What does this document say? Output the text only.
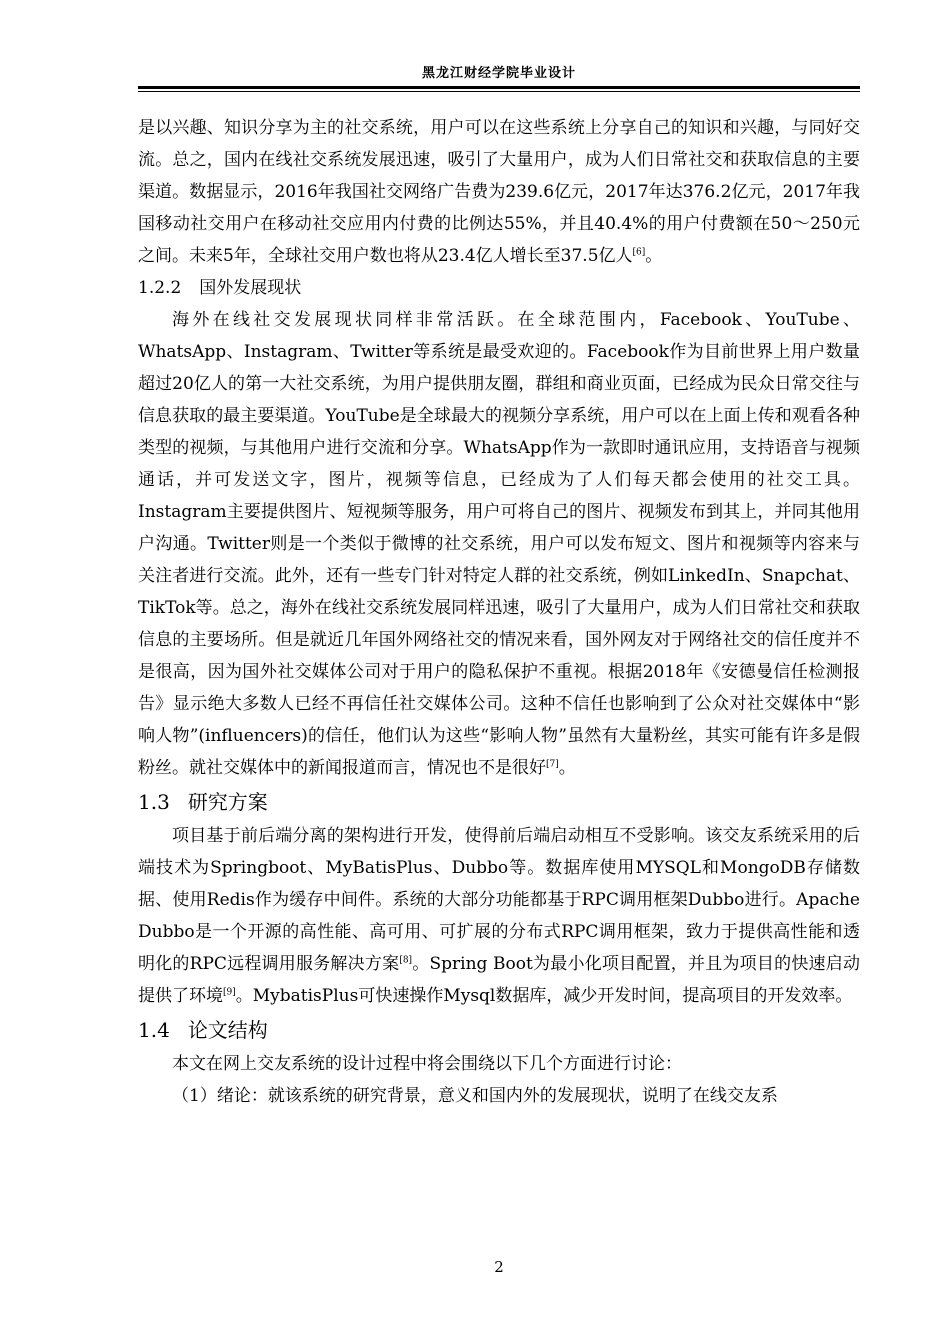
黑龙江财经学院毕业设计

是以兴趣、知识分享为主的社交系统，用户可以在这些系统上分享自己的知识和兴趣，与同好交流。总之，国内在线社交系统发展迅速，吸引了大量用户，成为人们日常社交和获取信息的主要渠道。数据显示，2016年我国社交网络广告费为239.6亿元，2017年达376.2亿元，2017年我国移动社交用户在移动社交应用内付费的比例达55%，并且40.4%的用户付费额在50～250元之间。未来5年，全球社交用户数也将从23.4亿人增长至37.5亿人[6]。

1.2.2 国外发展现状

海外在线社交发展现状同样非常活跃。在全球范围内，Facebook、YouTube、WhatsApp、Instagram、Twitter等系统是最受欢迎的。Facebook作为目前世界上用户数量超过20亿人的第一大社交系统，为用户提供朋友圈，群组和商业页面，已经成为民众日常交往与信息获取的最主要渠道。YouTube是全球最大的视频分享系统，用户可以在上面上传和观看各种类型的视频，与其他用户进行交流和分享。WhatsApp作为一款即时通讯应用，支持语音与视频通话，并可发送文字，图片，视频等信息，已经成为了人们每天都会使用的社交工具。Instagram主要提供图片、短视频等服务，用户可将自己的图片、视频发布到其上，并同其他用户沟通。Twitter则是一个类似于微博的社交系统，用户可以发布短文、图片和视频等内容来与关注者进行交流。此外，还有一些专门针对特定人群的社交系统，例如LinkedIn、Snapchat、TikTok等。总之，海外在线社交系统发展同样迅速，吸引了大量用户，成为人们日常社交和获取信息的主要场所。但是就近几年国外网络社交的情况来看，国外网友对于网络社交的信任度并不是很高，因为国外社交媒体公司对于用户的隐私保护不重视。根据2018年《安德曼信任检测报告》显示绝大多数人已经不再信任社交媒体公司。这种不信任也影响到了公众对社交媒体中“影响人物”(influencers)的信任，他们认为这些“影响人物”虽然有大量粉丝，其实可能有许多是假粉丝。就社交媒体中的新闻报道而言，情况也不是很好[7]。

1.3 研究方案

项目基于前后端分离的架构进行开发，使得前后端启动相互不受影响。该交友系统采用的后端技术为Springboot、MyBatisPlus、Dubbo等。数据库使用MYSQL和MongoDB存储数据、使用Redis作为缓存中间件。系统的大部分功能都基于RPC调用框架Dubbo进行。Apache Dubbo是一个开源的高性能、高可用、可扩展的分布式RPC调用框架，致力于提供高性能和透明化的RPC远程调用服务解决方案[8]。Spring Boot为最小化项目配置，并且为项目的快速启动提供了环境[9]。MybatisPlus可快速操作Mysql数据库，减少开发时间，提高项目的开发效率。

1.4 论文结构

本文在网上交友系统的设计过程中将会围绕以下几个方面进行讨论：

（1）绪论：就该系统的研究背景，意义和国内外的发展现状，说明了在线交友系

2
